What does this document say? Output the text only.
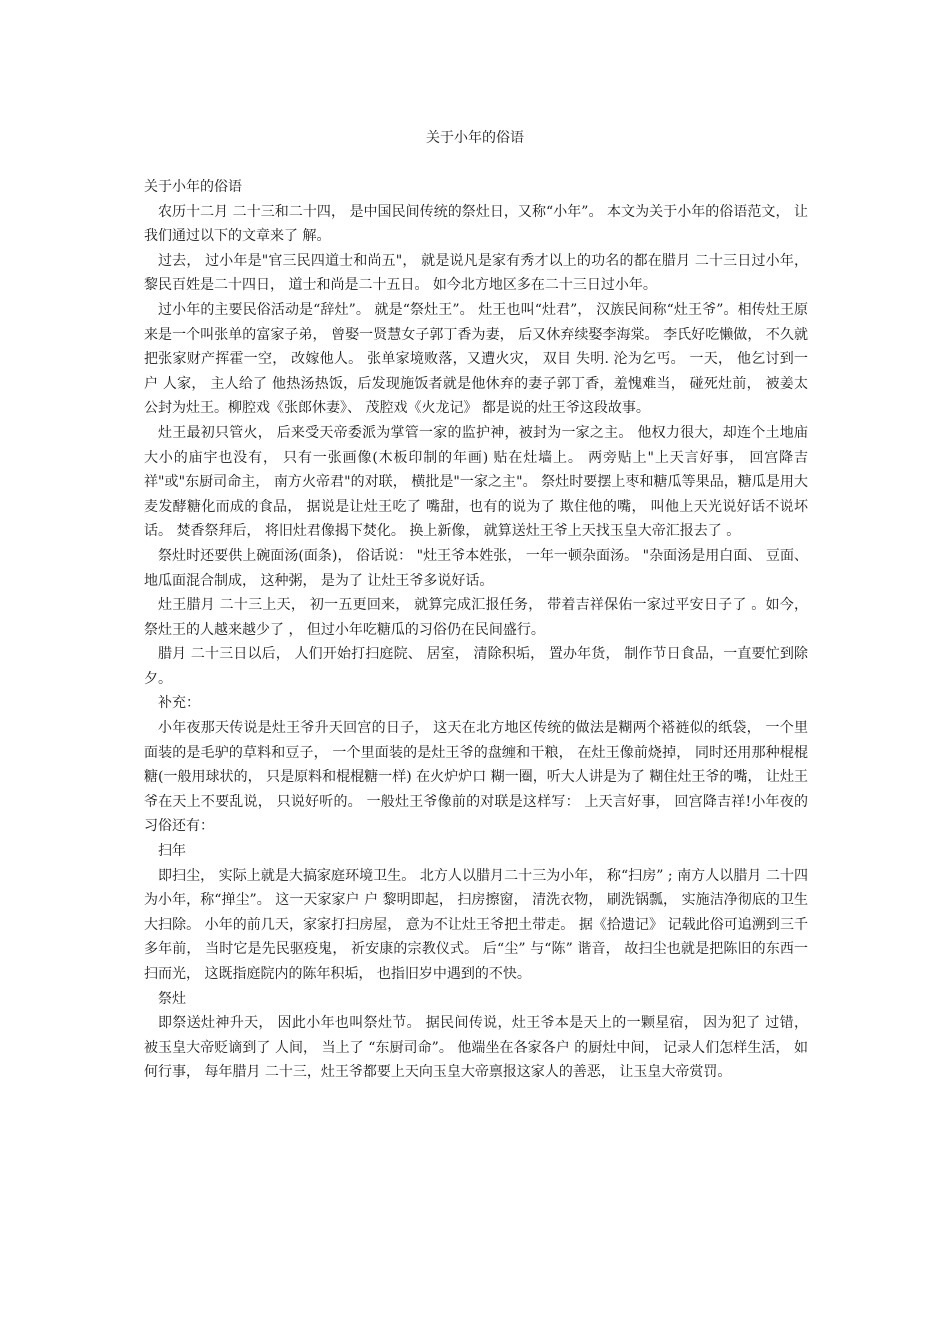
关于小年的俗语

关于小年的俗语

农历十二月 二十三和二十四， 是中国民间传统的祭灶日，又称“小年”。 本文为关于小年的俗语范文， 让我们通过以下的文章来了 解。

过去， 过小年是"官三民四道士和尚五"， 就是说凡是家有秀才以上的功名的都在腊月 二十三日过小年， 黎民百姓是二十四日， 道士和尚是二十五日。 如今北方地区多在二十三日过小年。

过小年的主要民俗活动是“辞灶”。 就是“祭灶王”。 灶王也叫“灶君”， 汉族民间称“灶王爷”。相传灶王原来是一个叫张单的富家子弟， 曾娶一贤慧女子郭丁香为妻， 后又休弃续娶李海棠。 李氏好吃懒做， 不久就把张家财产挥霍一空， 改嫁他人。 张单家境败落，又遭火灾， 双目 失明. 沦为乞丐。 一天， 他乞讨到一户 人家， 主人给了 他热汤热饭，后发现施饭者就是他休弃的妻子郭丁香，羞愧难当， 碰死灶前， 被姜太公封为灶王。柳腔戏《张郎休妻》、 茂腔戏《火龙记》 都是说的灶王爷这段故事。

灶王最初只管火， 后来受天帝委派为掌管一家的监护神，被封为一家之主。 他权力很大，却连个土地庙大小的庙宇也没有， 只有一张画像(木板印制的年画) 贴在灶墙上。 两旁贴上"上天言好事， 回宫降吉祥"或"东厨司命主， 南方火帝君"的对联， 横批是"一家之主"。 祭灶时要摆上枣和糖瓜等果品，糖瓜是用大麦发酵糖化而成的食品， 据说是让灶王吃了 嘴甜，也有的说为了 欺住他的嘴， 叫他上天光说好话不说坏话。 焚香祭拜后， 将旧灶君像揭下焚化。 换上新像， 就算送灶王爷上天找玉皇大帝汇报去了 。

祭灶时还要供上碗面汤(面条)， 俗话说： "灶王爷本姓张， 一年一顿杂面汤。 "杂面汤是用白面、 豆面、 地瓜面混合制成， 这种粥， 是为了 让灶王爷多说好话。

灶王腊月 二十三上天， 初一五更回来， 就算完成汇报任务， 带着吉祥保佑一家过平安日子了 。如今， 祭灶王的人越来越少了 ， 但过小年吃糖瓜的习俗仍在民间盛行。

腊月 二十三日以后， 人们开始打扫庭院、 居室， 清除积垢， 置办年货， 制作节日食品，一直要忙到除夕。

补充：

小年夜那天传说是灶王爷升天回宫的日子， 这天在北方地区传统的做法是糊两个褡裢似的纸袋， 一个里面装的是毛驴的草料和豆子， 一个里面装的是灶王爷的盘缠和干粮， 在灶王像前烧掉， 同时还用那种棍棍糖(一般用球状的， 只是原料和棍棍糖一样) 在火炉炉口 糊一圈，听大人讲是为了 糊住灶王爷的嘴， 让灶王爷在天上不要乱说， 只说好听的。 一般灶王爷像前的对联是这样写： 上天言好事， 回宫降吉祥!小年夜的习俗还有：

扫年

即扫尘， 实际上就是大搞家庭环境卫生。 北方人以腊月二十三为小年， 称“扫房” ; 南方人以腊月 二十四为小年，称“掸尘”。 这一天家家户 户 黎明即起， 扫房擦窗， 清洗衣物， 刷洗锅瓢， 实施洁净彻底的卫生大扫除。 小年的前几天，家家打扫房屋， 意为不让灶王爷把土带走。 据《拾遗记》 记载此俗可追溯到三千多年前， 当时它是先民驱疫鬼， 祈安康的宗教仪式。 后“尘” 与“陈” 谐音， 故扫尘也就是把陈旧的东西一扫而光， 这既指庭院内的陈年积垢， 也指旧岁中遇到的不快。

祭灶

即祭送灶神升天， 因此小年也叫祭灶节。 据民间传说，灶王爷本是天上的一颗星宿， 因为犯了 过错， 被玉皇大帝贬谪到了 人间， 当上了 “东厨司命”。 他端坐在各家各户 的厨灶中间， 记录人们怎样生活， 如何行事， 每年腊月 二十三，灶王爷都要上天向玉皇大帝禀报这家人的善恶， 让玉皇大帝赏罚。
